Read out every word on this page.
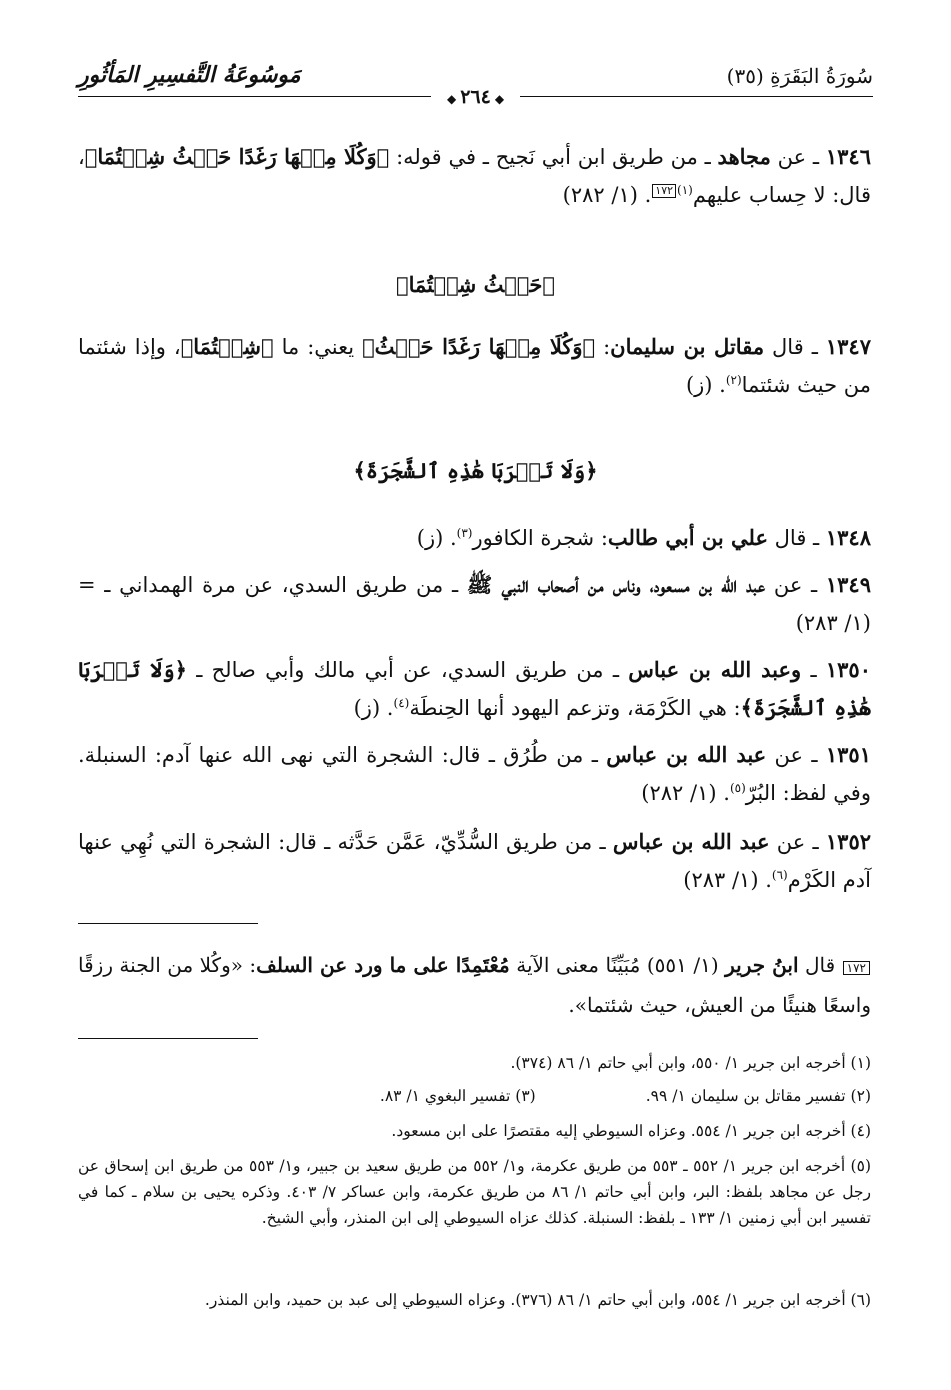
سُورَةُ البَقَرَةِ (٣٥)
مَوسُوعَةُ التَّفسِيرِ المَأثُورِ
◆٢٦٤◆
١٣٤٦ ـ عن مجاهد ـ من طريق ابن أبي نَجيح ـ في قوله: ﴿وَكُلَا مِنۡهَا رَغَدًا حَيۡثُ شِئۡتُمَا﴾، قال: لا حِساب عليهم$^{(١)}$١٧٢. (١/ ٢٨٢)
﴿حَيۡثُ شِئۡتُمَا﴾
١٣٤٧ ـ قال مقاتل بن سليمان: ﴿وَكُلَا مِنۡهَا رَغَدًا حَيۡثُ﴾ يعني: ما ﴿شِئۡتُمَا﴾، وإذا شئتما من حيث شئتما$^{(٢)}$. (ز)
﴿وَلَا تَقۡرَبَا هَٰذِهِ ٱلشَّجَرَةَ﴾
١٣٤٨ ـ قال علي بن أبي طالب: شجرة الكافور$^{(٣)}$. (ز)
١٣٤٩ ـ عن عبد الله بن مسعود، وناس من أصحاب النبي ﷺ ـ من طريق السدي، عن مرة الهمداني ـ = (١/ ٢٨٣)
١٣٥٠ ـ وعبد الله بن عباس ـ من طريق السدي، عن أبي مالك وأبي صالح ـ ﴿وَلَا تَقۡرَبَا هَٰذِهِ ٱلشَّجَرَةَ﴾: هي الكَرْمَة، وتزعم اليهود أنها الحِنطَة$^{(٤)}$. (ز)
١٣٥١ ـ عن عبد الله بن عباس ـ من طُرُق ـ قال: الشجرة التي نهى الله عنها آدم: السنبلة. وفي لفظ: البُرّ$^{(٥)}$. (١/ ٢٨٢)
١٣٥٢ ـ عن عبد الله بن عباس ـ من طريق السُّدِّيّ، عَمَّن حَدَّثه ـ قال: الشجرة التي نُهِي عنها آدم الكَرْم$^{(٦)}$. (١/ ٢٨٣)
١٧٢ قال ابنُ جرير (١/ ٥٥١) مُبَيِّنًا معنى الآية مُعْتَمِدًا على ما ورد عن السلف: «وكُلا من الجنة رزقًا واسعًا هنيئًا من العيش، حيث شئتما».
(١) أخرجه ابن جرير ١/ ٥٥٠، وابن أبي حاتم ١/ ٨٦ (٣٧٤).
(٢) تفسير مقاتل بن سليمان ١/ ٩٩.(٣) تفسير البغوي ١/ ٨٣.
(٤) أخرجه ابن جرير ١/ ٥٥٤. وعزاه السيوطي إليه مقتصرًا على ابن مسعود.
(٥) أخرجه ابن جرير ١/ ٥٥٢ ـ ٥٥٣ من طريق عكرمة، و١/ ٥٥٢ من طريق سعيد بن جبير، و١/ ٥٥٣ من طريق ابن إسحاق عن رجل عن مجاهد بلفظ: البر، وابن أبي حاتم ١/ ٨٦ من طريق عكرمة، وابن عساكر ٧/ ٤٠٣. وذكره يحيى بن سلام ـ كما في تفسير ابن أبي زمنين ١/ ١٣٣ ـ بلفظ: السنبلة. كذلك عزاه السيوطي إلى ابن المنذر، وأبي الشيخ.
(٦) أخرجه ابن جرير ١/ ٥٥٤، وابن أبي حاتم ١/ ٨٦ (٣٧٦). وعزاه السيوطي إلى عبد بن حميد، وابن المنذر.
